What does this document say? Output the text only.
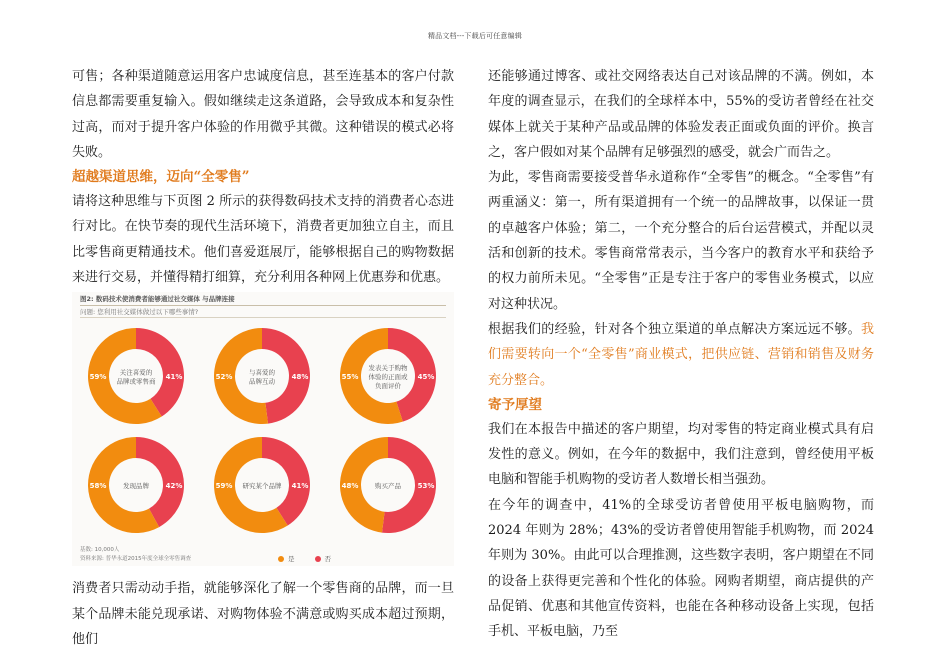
精品文档---下载后可任意编辑

可售；各种渠道随意运用客户忠诚度信息，甚至连基本的客户付款信息都需要重复输入。假如继续走这条道路，会导致成本和复杂性过高，而对于提升客户体验的作用微乎其微。这种错误的模式必将失败。

超越渠道思维，迈向“全零售”

请将这种思维与下页图 2 所示的获得数码技术支持的消费者心态进行对比。在快节奏的现代生活环境下，消费者更加独立自主，而且比零售商更精通技术。他们喜爱逛展厅，能够根据自己的购物数据来进行交易，并懂得精打细算，充分利用各种网上优惠券和优惠。

图2: 数码技术使消费者能够通过社交媒体 与品牌连接
问题: 您利用社交媒体做过以下哪些事情?
59%	41%
关注喜爱的
品牌或零售商
52%	48%
与喜爱的
品牌互动
55%	45%
发表关于购物
体验的正面或
负面评价
58%	42%
发现品牌	59%	41%
研究某个品牌	48%	53%
购买产品
基数: 10,000人
资料来源: 普华永道2015年度全球全零售调查	是	否

消费者只需动动手指，就能够深化了解一个零售商的品牌，而一旦某个品牌未能兑现承诺、对购物体验不满意或购买成本超过预期，他们

还能够通过博客、或社交网络表达自己对该品牌的不满。例如，本年度的调查显示，在我们的全球样本中，55%的受访者曾经在社交媒体上就关于某种产品或品牌的体验发表正面或负面的评价。换言之，客户假如对某个品牌有足够强烈的感受，就会广而告之。

为此，零售商需要接受普华永道称作“全零售”的概念。“全零售”有两重涵义：第一，所有渠道拥有一个统一的品牌故事，以保证一贯的卓越客户体验；第二，一个充分整合的后台运营模式，并配以灵活和创新的技术。零售商常常表示，当今客户的教育水平和获给予的权力前所未见。“全零售”正是专注于客户的零售业务模式，以应对这种状况。

根据我们的经验，针对各个独立渠道的单点解决方案远远不够。我们需要转向一个“全零售”商业模式，把供应链、营销和销售及财务充分整合。

寄予厚望

我们在本报告中描述的客户期望，均对零售的特定商业模式具有启发性的意义。例如，在今年的数据中，我们注意到，曾经使用平板电脑和智能手机购物的受访者人数增长相当强劲。

在今年的调查中，41%的全球受访者曾使用平板电脑购物，而 2024 年则为 28%；43%的受访者曾使用智能手机购物，而 2024 年则为 30%。由此可以合理推测，这些数字表明，客户期望在不同的设备上获得更完善和个性化的体验。网购者期望，商店提供的产品促销、优惠和其他宣传资料，也能在各种移动设备上实现，包括手机、平板电脑，乃至
